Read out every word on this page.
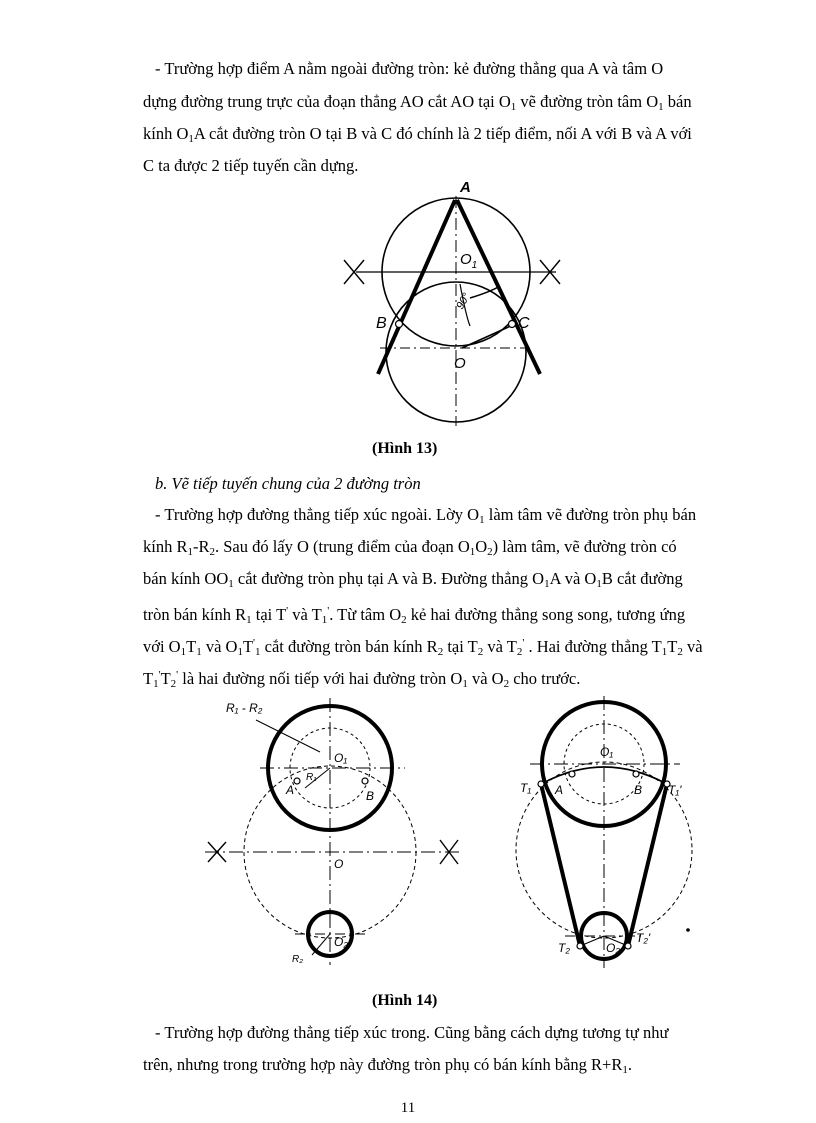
- Trường hợp điểm A nằm ngoài đường tròn: kẻ đường thẳng qua A và tâm O
dựng đường trung trực của đoạn thẳng AO cắt AO tại $O_1$ vẽ đường tròn tâm $O_1$ bán
kính $O_1A$ cắt đường tròn O tại B và C đó chính là 2 tiếp điểm, nối A với B và A với
C ta được 2 tiếp tuyến cần dựng.
A
$O_1$
B	C
O
90°
(Hình 13)
b. Vẽ tiếp tuyến chung của 2 đường tròn
- Trường hợp đường thẳng tiếp xúc ngoài. Lờy $O_1$ làm tâm vẽ đường tròn phụ bán
kính $R_1-R_2$. Sau đó lấy O (trung điểm của đoạn $O_1O_2$) làm tâm, vẽ đường tròn có
bán kính $OO_1$ cắt đường tròn phụ tại A và B. Đường thẳng $O_1A$ và $O_1B$ cắt đường
tròn bán kính $R_1$ tại T' và $T_1'$. Từ tâm $O_2$ kẻ hai đường thẳng song song, tương ứng
với $O_1T_1$ và $O_1T'_1$ cắt đường tròn bán kính $R_2$ tại $T_2$ và $T_2'$ . Hai đường thẳng $T_1T_2$ và
$T_1'T_2'$ là hai đường nối tiếp với hai đường tròn $O_1$ và $O_2$ cho trước.
R₁ - R₂
O₁
A
R₁
B
O
O₂
R₂
O₁
T₁ A	B T₁'
T₂	O₂
T₂'
(Hình 14)
- Trường hợp đường thẳng tiếp xúc trong. Cũng bằng cách dựng tương tự như
trên, nhưng trong trường hợp này đường tròn phụ có bán kính bằng $R+R_1$.
11
